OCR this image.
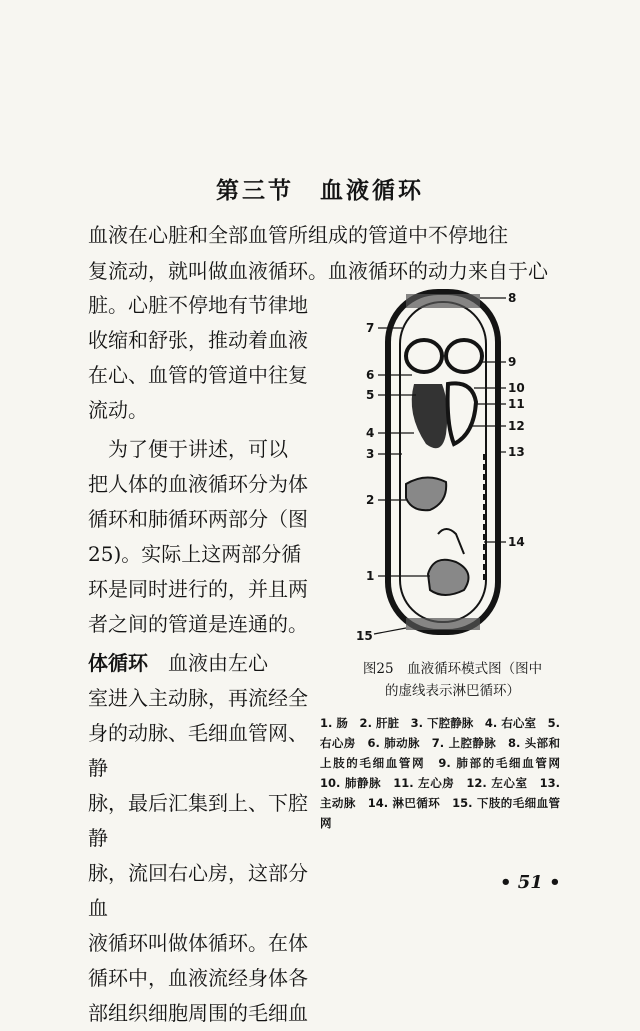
第三节　血液循环
血液在心脏和全部血管所组成的管道中不停地往
复流动，就叫做血液循环。血液循环的动力来自于心

脏。心脏不停地有节律地

收缩和舒张，推动着血液

在心、血管的管道中往复

流动。

　为了便于讲述，可以

把人体的血液循环分为体

循环和肺循环两部分（图

25)。实际上这两部分循

环是同时进行的，并且两

者之间的管道是连通的。

体循环　血液由左心

室进入主动脉，再流经全

身的动脉、毛细血管网、静

脉，最后汇集到上、下腔静

脉，流回右心房，这部分血

液循环叫做体循环。在体

循环中，血液流经身体各

部组织细胞周围的毛细血

7
6
5
4
3
2
1
15
8
9
10
11
12
13
14
图25　血液循环模式图（图中
的虚线表示淋巴循环）
1. 肠　2. 肝脏　3. 下腔静脉　4. 右心室　5. 右心房　6. 肺动脉　7. 上腔静脉　8. 头部和上肢的毛细血管网　9. 肺部的毛细血管网　10. 肺静脉　11. 左心房　12. 左心室　13. 主动脉　14. 淋巴循环　15. 下肢的毛细血管网
• 51 •
